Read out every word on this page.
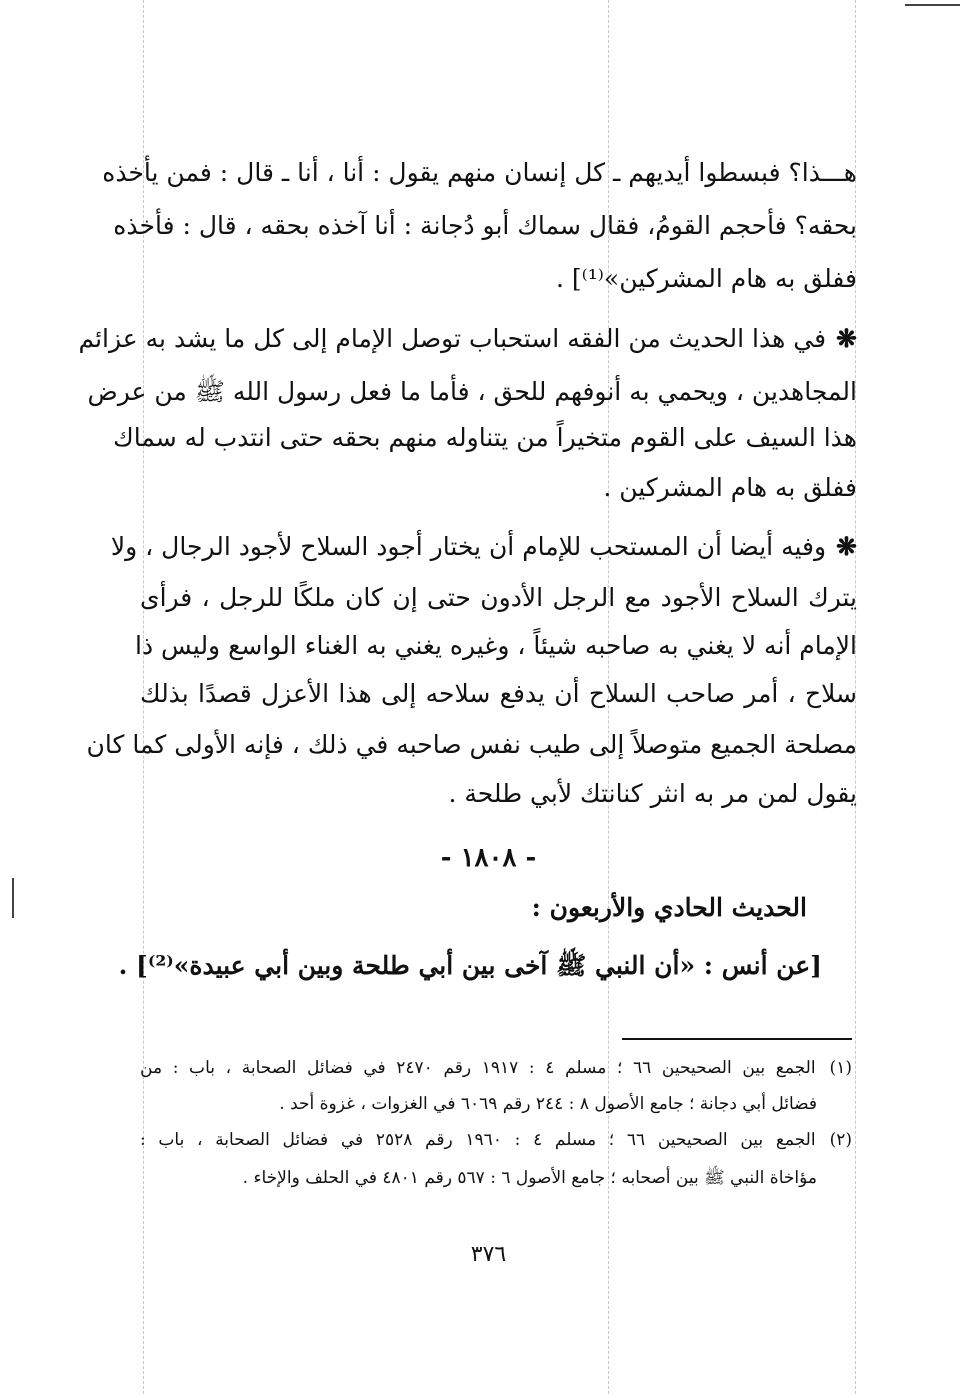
هـــذا؟ فبسطوا أيديهم ـ كل إنسان منهم يقول : أنا ، أنا ـ قال : فمن يأخذه
بحقه؟ فأحجم القومُ، فقال سماك أبو دُجانة : أنا آخذه بحقه ، قال : فأخذه
ففلق به هام المشركين»⁽¹⁾] .
❋في هذا الحديث من الفقه استحباب توصل الإمام إلى كل ما يشد به عزائم
المجاهدين ، ويحمي به أنوفهم للحق ، فأما ما فعل رسول الله ﷺ من عرض
هذا السيف على القوم متخيراً من يتناوله منهم بحقه حتى انتدب له سماك
ففلق به هام المشركين .
❋وفيه أيضا أن المستحب للإمام أن يختار أجود السلاح لأجود الرجال ، ولا
يترك السلاح الأجود مع الرجل الأدون حتى إن كان ملكًا للرجل ، فرأى
الإمام أنه لا يغني به صاحبه شيئاً ، وغيره يغني به الغناء الواسع وليس ذا
سلاح ، أمر صاحب السلاح أن يدفع سلاحه إلى هذا الأعزل قصدًا بذلك
مصلحة الجميع متوصلاً إلى طيب نفس صاحبه في ذلك ، فإنه الأولى كما كان
يقول لمن مر به انثر كنانتك لأبي طلحة .
- ١٨٠٨ -
الحديث الحادي والأربعون :
[عن أنس : «أن النبي ﷺ آخى بين أبي طلحة وبين أبي عبيدة»⁽²⁾] .
(١)الجمع بين الصحيحين ٦٦ ؛ مسلم ٤ : ١٩١٧ رقم ٢٤٧٠ في فضائل الصحابة ، باب : من
فضائل أبي دجانة ؛ جامع الأصول ٨ : ٢٤٤ رقم ٦٠٦٩ في الغزوات ، غزوة أحد .
(٢)الجمع بين الصحيحين ٦٦ ؛ مسلم ٤ : ١٩٦٠ رقم ٢٥٢٨ في فضائل الصحابة ، باب :
مؤاخاة النبي ﷺ بين أصحابه ؛ جامع الأصول ٦ : ٥٦٧ رقم ٤٨٠١ في الحلف والإخاء .
٣٧٦
